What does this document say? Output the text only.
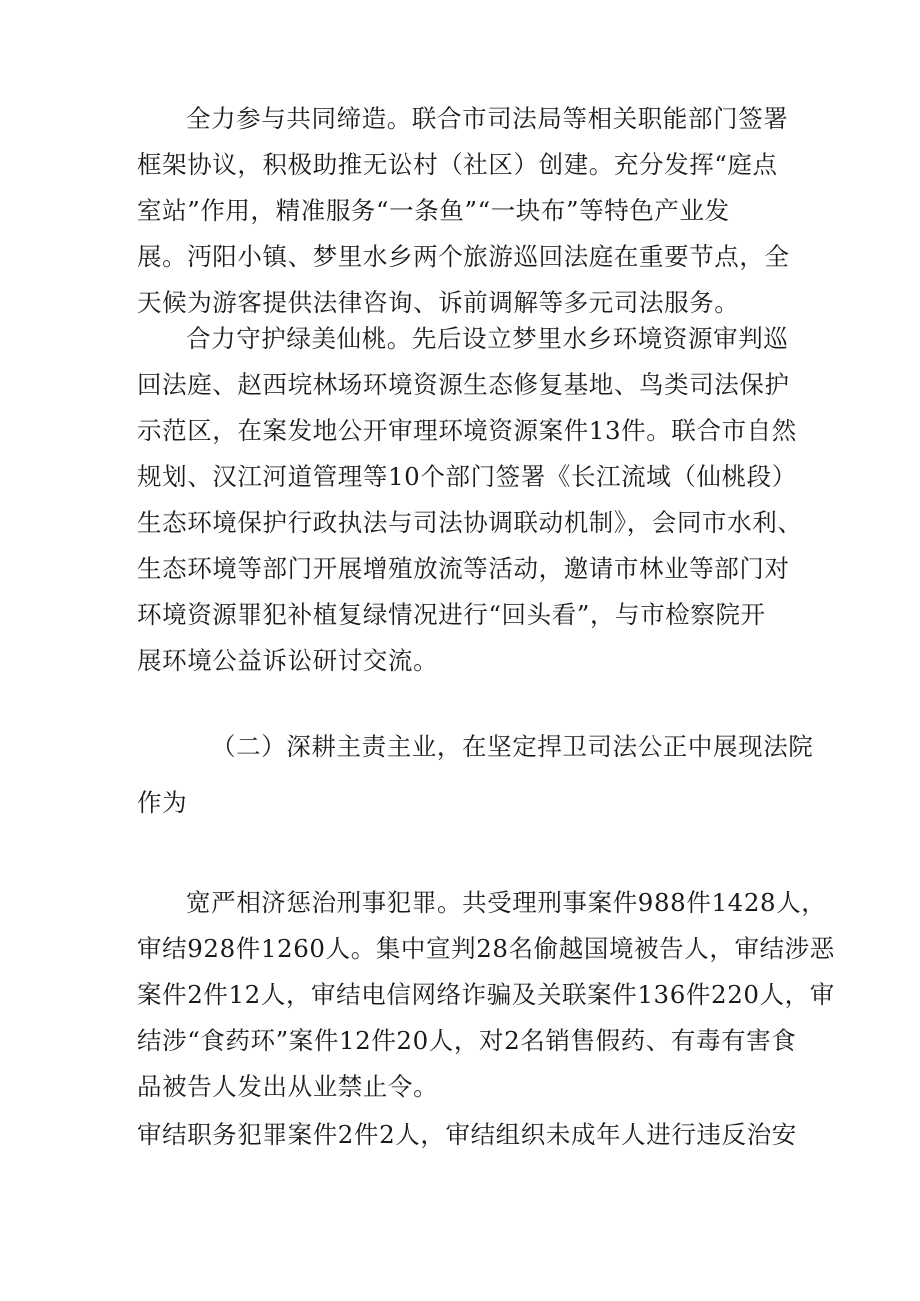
全力参与共同缔造。联合市司法局等相关职能部门签署
框架协议，积极助推无讼村（社区）创建。充分发挥“庭点
室站”作用，精准服务“一条鱼”“一块布”等特色产业发
展。沔阳小镇、梦里水乡两个旅游巡回法庭在重要节点，全
天候为游客提供法律咨询、诉前调解等多元司法服务。
合力守护绿美仙桃。先后设立梦里水乡环境资源审判巡
回法庭、赵西垸林场环境资源生态修复基地、鸟类司法保护
示范区，在案发地公开审理环境资源案件13件。联合市自然
规划、汉江河道管理等10个部门签署《长江流域（仙桃段）
生态环境保护行政执法与司法协调联动机制》，会同市水利、
生态环境等部门开展增殖放流等活动，邀请市林业等部门对
环境资源罪犯补植复绿情况进行“回头看”，与市检察院开
展环境公益诉讼研讨交流。
（二）深耕主责主业，在坚定捍卫司法公正中展现法院
作为
宽严相济惩治刑事犯罪。共受理刑事案件988件1428人，
审结928件1260人。集中宣判28名偷越国境被告人，审结涉恶
案件2件12人，审结电信网络诈骗及关联案件136件220人，审
结涉“食药环”案件12件20人，对2名销售假药、有毒有害食
品被告人发出从业禁止令。
审结职务犯罪案件2件2人，审结组织未成年人进行违反治安
